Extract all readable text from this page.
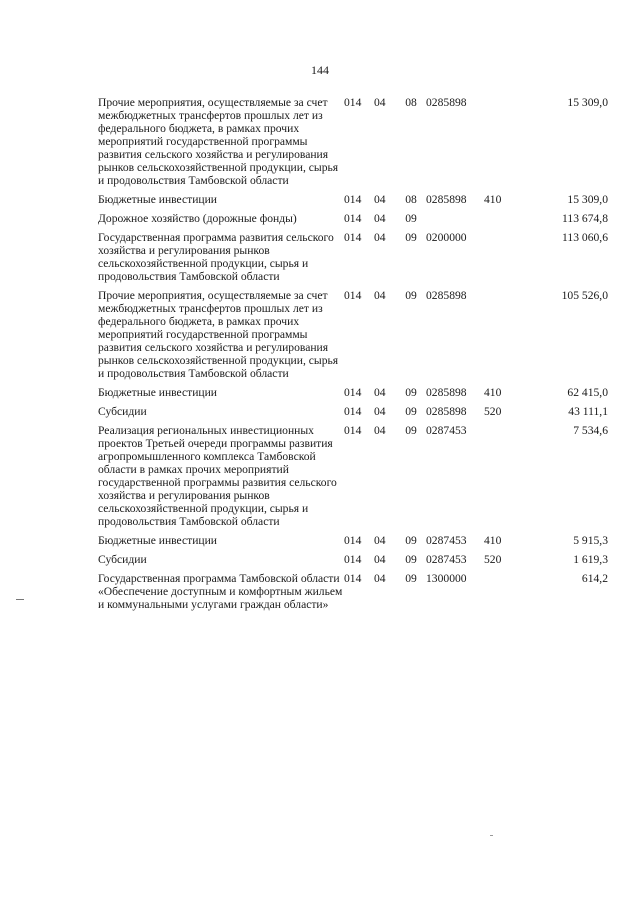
144
Прочие мероприятия, осуществляемые за счет межбюджетных трансфертов прошлых лет из федерального бюджета, в рамках прочих мероприятий государственной программы развития сельского хозяйства и регулирования рынков сельскохозяйственной продукции, сырья и продовольствия Тамбовской области	014	04	08	0285898		15 309,0
Бюджетные инвестиции	014	04	08	0285898	410	15 309,0
Дорожное хозяйство (дорожные фонды)	014	04	09			113 674,8
Государственная программа развития сельского хозяйства и регулирования рынков сельскохозяйственной продукции, сырья и продовольствия Тамбовской области	014	04	09	0200000		113 060,6
Прочие мероприятия, осуществляемые за счет межбюджетных трансфертов прошлых лет из федерального бюджета, в рамках прочих мероприятий государственной программы развития сельского хозяйства и регулирования рынков сельскохозяйственной продукции, сырья и продовольствия Тамбовской области	014	04	09	0285898		105 526,0
Бюджетные инвестиции	014	04	09	0285898	410	62 415,0
Субсидии	014	04	09	0285898	520	43 111,1
Реализация региональных инвестиционных проектов Третьей очереди программы развития агропромышленного комплекса Тамбовской области в рамках прочих мероприятий государственной программы развития сельского хозяйства и регулирования рынков сельскохозяйственной продукции, сырья и продовольствия Тамбовской области	014	04	09	0287453		7 534,6
Бюджетные инвестиции	014	04	09	0287453	410	5 915,3
Субсидии	014	04	09	0287453	520	1 619,3
Государственная программа Тамбовской области «Обеспечение доступным и комфортным жильем и коммунальными услугами граждан области»	014	04	09	1300000		614,2
